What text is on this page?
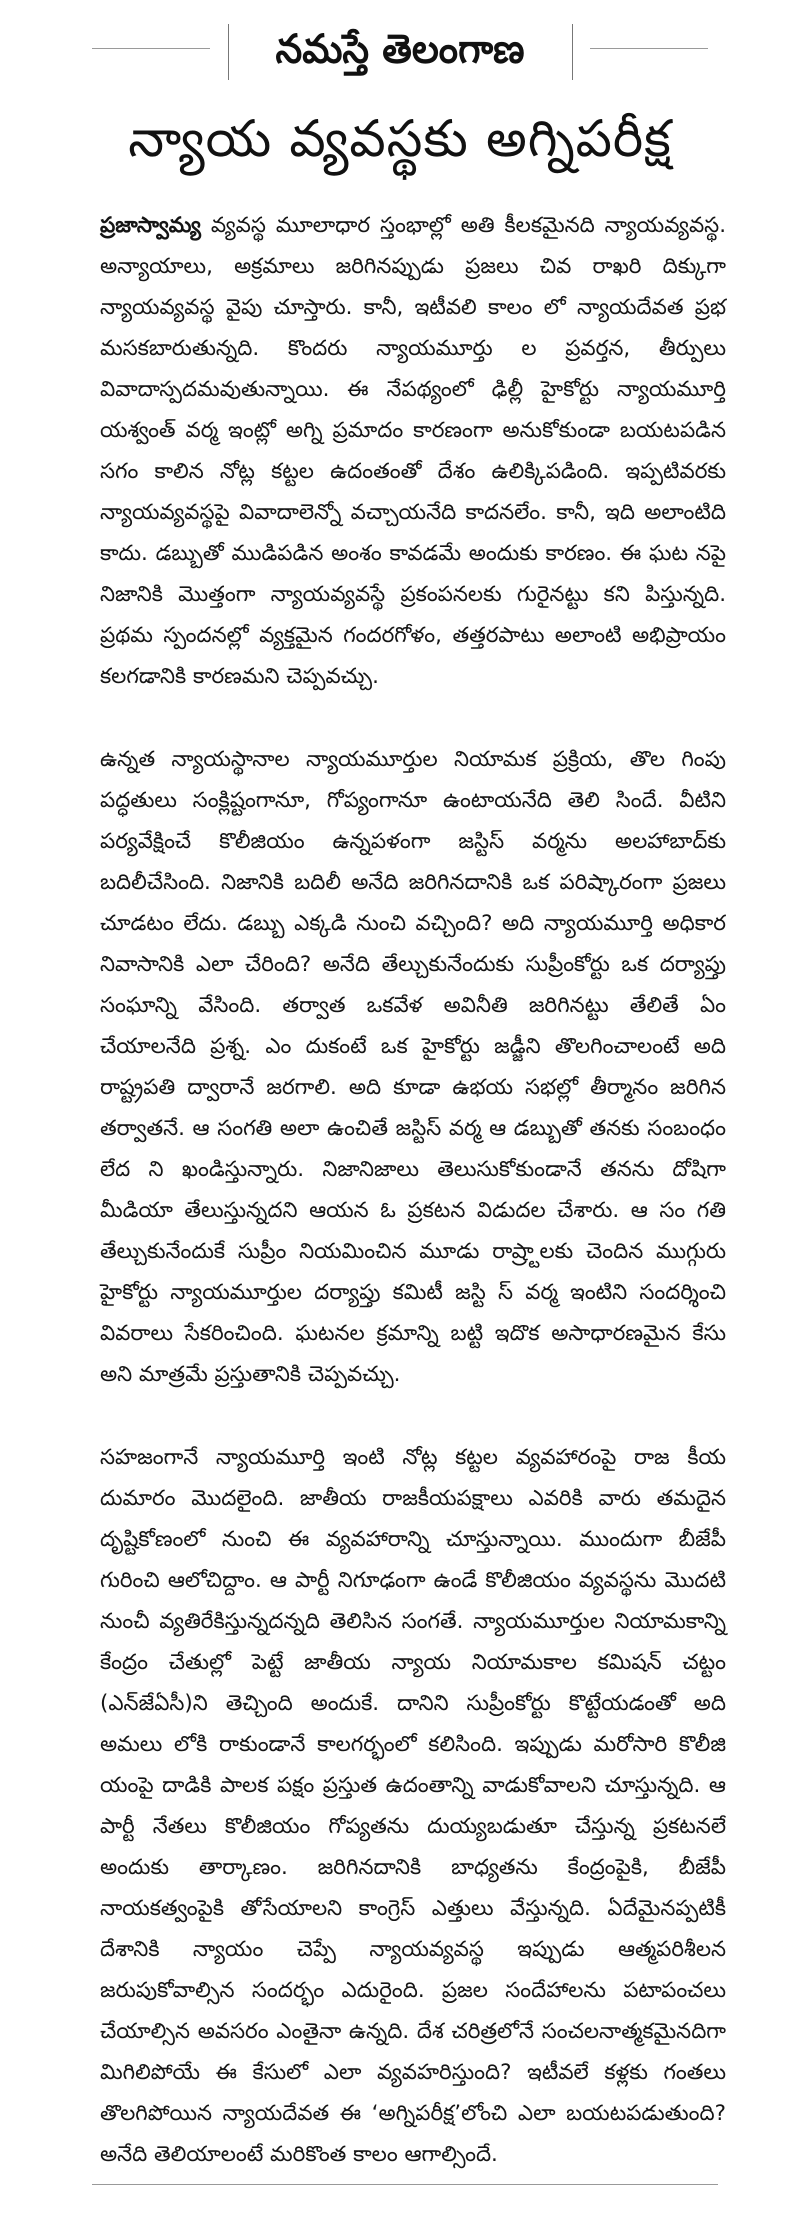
నమస్తే తెలంగాణ
న్యాయ వ్యవస్థకు అగ్నిపరీక్ష

ప్రజాస్వామ్య వ్యవస్థ మూలాధార స్తంభాల్లో అతి కీలకమైనది న్యాయవ్యవస్థ. అన్యాయాలు, అక్రమాలు జరిగినప్పుడు ప్రజలు చివ రాఖరి దిక్కుగా న్యాయవ్యవస్థ వైపు చూస్తారు. కానీ, ఇటీవలి కాలం లో న్యాయదేవత ప్రభ మసకబారుతున్నది. కొందరు న్యాయమూర్తు ల ప్రవర్తన, తీర్పులు వివాదాస్పదమవుతున్నాయి. ఈ నేపథ్యంలో ఢిల్లీ హైకోర్టు న్యాయమూర్తి యశ్వంత్ వర్మ ఇంట్లో అగ్ని ప్రమాదం కారణంగా అనుకోకుండా బయటపడిన సగం కాలిన నోట్ల కట్టల ఉదంతంతో దేశం ఉలిక్కిపడింది. ఇప్పటివరకు న్యాయవ్యవస్థపై వివాదాలెన్నో వచ్చాయనేది కాదనలేం. కానీ, ఇది అలాంటిది కాదు. డబ్బుతో ముడిపడిన అంశం కావడమే అందుకు కారణం. ఈ ఘట నపై నిజానికి మొత్తంగా న్యాయవ్యవస్థే ప్రకంపనలకు గురైనట్టు కని పిస్తున్నది. ప్రథమ స్పందనల్లో వ్యక్తమైన గందరగోళం, తత్తరపాటు అలాంటి అభిప్రాయం కలగడానికి కారణమని చెప్పవచ్చు.

ఉన్నత న్యాయస్థానాల న్యాయమూర్తుల నియామక ప్రక్రియ, తొల గింపు పద్ధతులు సంక్లిష్టంగానూ, గోప్యంగానూ ఉంటాయనేది తెలి సిందే. వీటిని పర్యవేక్షించే కొలీజియం ఉన్నపళంగా జస్టిస్ వర్మను అలహాబాద్‌కు బదిలీచేసింది. నిజానికి బదిలీ అనేది జరిగినదానికి ఒక పరిష్కారంగా ప్రజలు చూడటం లేదు. డబ్బు ఎక్కడి నుంచి వచ్చింది? అది న్యాయమూర్తి అధికార నివాసానికి ఎలా చేరింది? అనేది తేల్చుకునేందుకు సుప్రీంకోర్టు ఒక దర్యాప్తు సంఘాన్ని వేసింది. తర్వాత ఒకవేళ అవినీతి జరిగినట్టు తేలితే ఏం చేయాలనేది ప్రశ్న. ఎం దుకంటే ఒక హైకోర్టు జడ్జీని తొలగించాలంటే అది రాష్ట్రపతి ద్వారానే జరగాలి. అది కూడా ఉభయ సభల్లో తీర్మానం జరిగిన తర్వాతనే. ఆ సంగతి అలా ఉంచితే జస్టిస్ వర్మ ఆ డబ్బుతో తనకు సంబంధం లేద ని ఖండిస్తున్నారు. నిజానిజాలు తెలుసుకోకుండానే తనను దోషిగా మీడియా తేలుస్తున్నదని ఆయన ఓ ప్రకటన విడుదల చేశారు. ఆ సం గతి తేల్చుకునేందుకే సుప్రీం నియమించిన మూడు రాష్ర్టాలకు చెందిన ముగ్గురు హైకోర్టు న్యాయమూర్తుల దర్యాప్తు కమిటీ జస్టి స్ వర్మ ఇంటిని సందర్శించి వివరాలు సేకరించింది. ఘటనల క్రమాన్ని బట్టి ఇదొక అసాధారణమైన కేసు అని మాత్రమే ప్రస్తుతానికి చెప్పవచ్చు.

సహజంగానే న్యాయమూర్తి ఇంటి నోట్ల కట్టల వ్యవహారంపై రాజ కీయ దుమారం మొదలైంది. జాతీయ రాజకీయపక్షాలు ఎవరికి వారు తమదైన దృష్టికోణంలో నుంచి ఈ వ్యవహారాన్ని చూస్తున్నాయి. ముందుగా బీజేపీ గురించి ఆలోచిద్దాం. ఆ పార్టీ నిగూఢంగా ఉండే కొలీజియం వ్యవస్థను మొదటి నుంచీ వ్యతిరేకిస్తున్నదన్నది తెలిసిన సంగతే. న్యాయమూర్తుల నియామకాన్ని కేంద్రం చేతుల్లో పెట్టే జాతీయ న్యాయ నియామకాల కమిషన్ చట్టం (ఎన్‌జేఏసీ)ని తెచ్చింది అందుకే. దానిని సుప్రీంకోర్టు కొట్టేయడంతో అది అమలు లోకి రాకుండానే కాలగర్భంలో కలిసింది. ఇప్పుడు మరోసారి కొలీజి యంపై దాడికి పాలక పక్షం ప్రస్తుత ఉదంతాన్ని వాడుకోవాలని చూస్తున్నది. ఆ పార్టీ నేతలు కొలీజియం గోప్యతను దుయ్యబడుతూ చేస్తున్న ప్రకటనలే అందుకు తార్కాణం. జరిగినదానికి బాధ్యతను కేంద్రంపైకి, బీజేపీ నాయకత్వంపైకి తోసేయాలని కాంగ్రెస్ ఎత్తులు వేస్తున్నది. ఏదేమైనప్పటికీ దేశానికి న్యాయం చెప్పే న్యాయవ్యవస్థ ఇప్పుడు ఆత్మపరిశీలన జరుపుకోవాల్సిన సందర్భం ఎదురైంది. ప్రజల సందేహాలను పటాపంచలు చేయాల్సిన అవసరం ఎంతైనా ఉన్నది. దేశ చరిత్రలోనే సంచలనాత్మకమైనదిగా మిగిలిపోయే ఈ కేసులో ఎలా వ్యవహరిస్తుంది? ఇటీవలే కళ్లకు గంతలు తొలగిపోయిన న్యాయదేవత ఈ ‘అగ్నిపరీక్ష’లోంచి ఎలా బయటపడుతుంది? అనేది తెలియాలంటే మరికొంత కాలం ఆగాల్సిందే.
